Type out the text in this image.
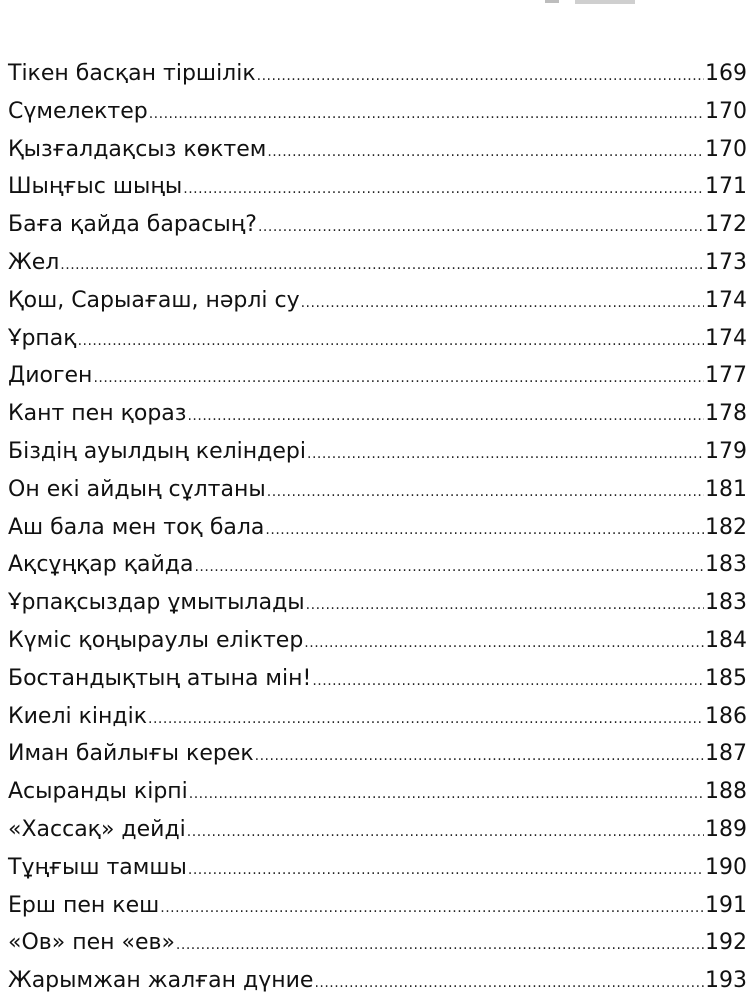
Тікен басқан тіршілік .....	169
Сүмелектер .....	170
Қызғалдақсыз көктем .....	170
Шыңғыс шыңы .....	171
Баға қайда барасың? .....	172
Жел .....	173
Қош, Сарыағаш, нәрлі су .....	174
Ұрпақ .....	174
Диоген .....	177
Кант пен қораз .....	178
Біздің ауылдың келіндері .....	179
Он екі айдың сұлтаны .....	181
Аш бала мен тоқ бала .....	182
Ақсұңқар қайда .....	183
Ұрпақсыздар ұмытылады .....	183
Күміс қоңыраулы еліктер .....	184
Бостандықтың атына мін! .....	185
Киелі кіндік .....	186
Иман байлығы керек .....	187
Асыранды кірпі .....	188
«Хассақ» дейді .....	189
Тұңғыш тамшы .....	190
Ерш пен кеш .....	191
«Ов» пен «ев» .....	192
Жарымжан жалған дүние .....	193
